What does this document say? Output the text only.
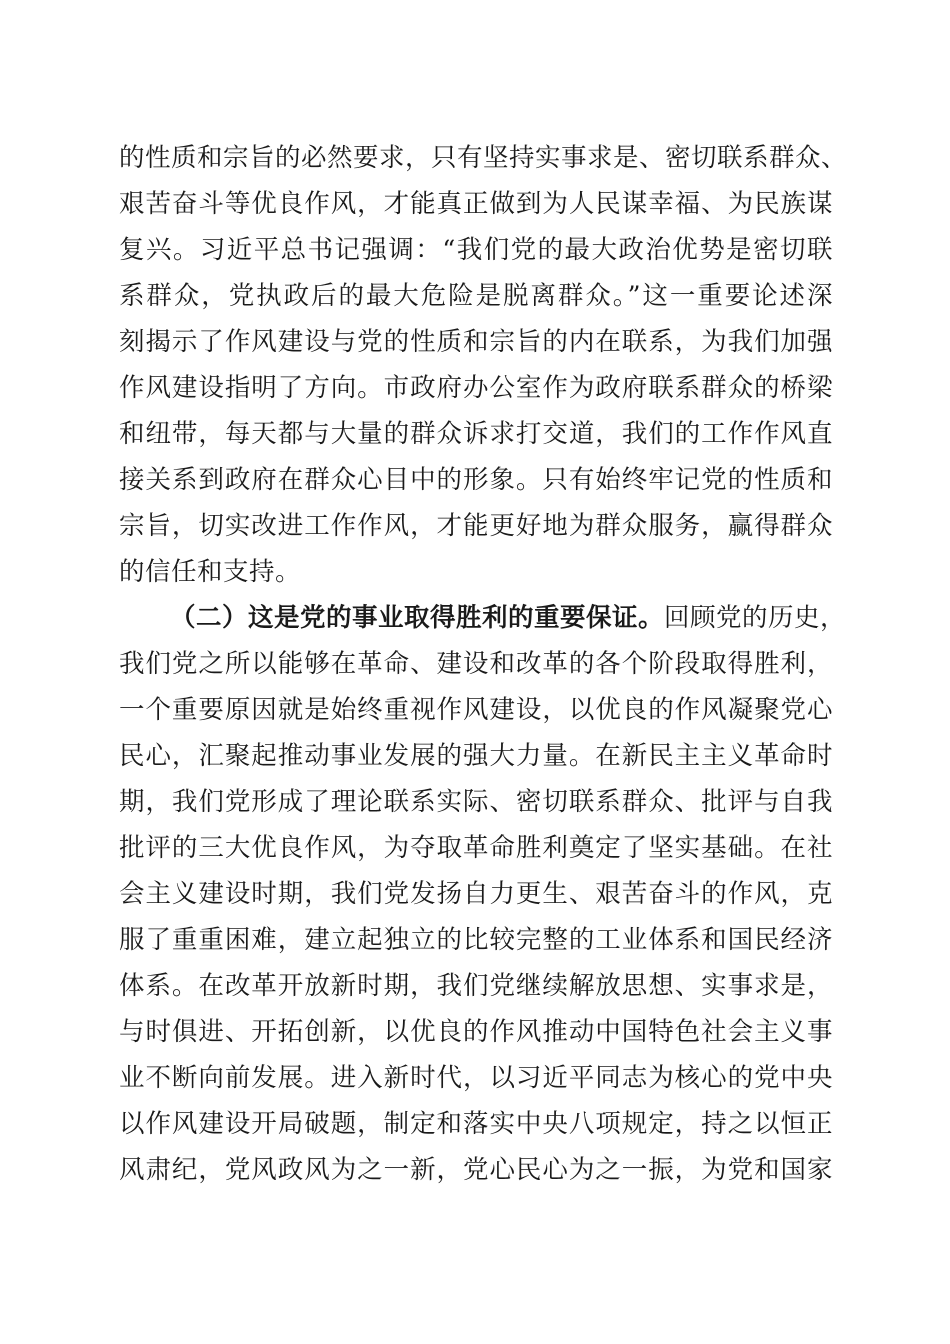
的性质和宗旨的必然要求，只有坚持实事求是、密切联系群众、
艰苦奋斗等优良作风，才能真正做到为人民谋幸福、为民族谋
复兴。习近平总书记强调：“我们党的最大政治优势是密切联
系群众，党执政后的最大危险是脱离群众。”这一重要论述深
刻揭示了作风建设与党的性质和宗旨的内在联系，为我们加强
作风建设指明了方向。市政府办公室作为政府联系群众的桥梁
和纽带，每天都与大量的群众诉求打交道，我们的工作作风直
接关系到政府在群众心目中的形象。只有始终牢记党的性质和
宗旨，切实改进工作作风，才能更好地为群众服务，赢得群众
的信任和支持。
（二）这是党的事业取得胜利的重要保证。回顾党的历史，
我们党之所以能够在革命、建设和改革的各个阶段取得胜利，
一个重要原因就是始终重视作风建设，以优良的作风凝聚党心
民心，汇聚起推动事业发展的强大力量。在新民主主义革命时
期，我们党形成了理论联系实际、密切联系群众、批评与自我
批评的三大优良作风，为夺取革命胜利奠定了坚实基础。在社
会主义建设时期，我们党发扬自力更生、艰苦奋斗的作风，克
服了重重困难，建立起独立的比较完整的工业体系和国民经济
体系。在改革开放新时期，我们党继续解放思想、实事求是，
与时俱进、开拓创新，以优良的作风推动中国特色社会主义事
业不断向前发展。进入新时代，以习近平同志为核心的党中央
以作风建设开局破题，制定和落实中央八项规定，持之以恒正
风肃纪，党风政风为之一新，党心民心为之一振，为党和国家
